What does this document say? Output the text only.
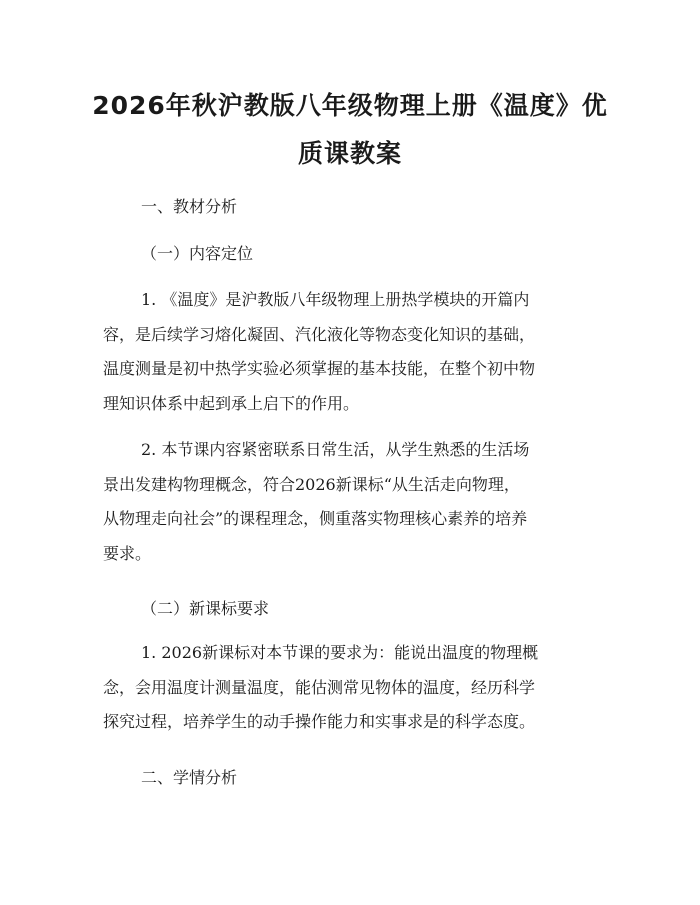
2026年秋沪教版八年级物理上册《温度》优
质课教案

一、教材分析

（一）内容定位

1. 《温度》是沪教版八年级物理上册热学模块的开篇内
容，是后续学习熔化凝固、汽化液化等物态变化知识的基础，
温度测量是初中热学实验必须掌握的基本技能，在整个初中物
理知识体系中起到承上启下的作用。
2. 本节课内容紧密联系日常生活，从学生熟悉的生活场
景出发建构物理概念，符合2026新课标“从生活走向物理，
从物理走向社会”的课程理念，侧重落实物理核心素养的培养
要求。

（二）新课标要求

1. 2026新课标对本节课的要求为：能说出温度的物理概
念，会用温度计测量温度，能估测常见物体的温度，经历科学
探究过程，培养学生的动手操作能力和实事求是的科学态度。

二、学情分析
